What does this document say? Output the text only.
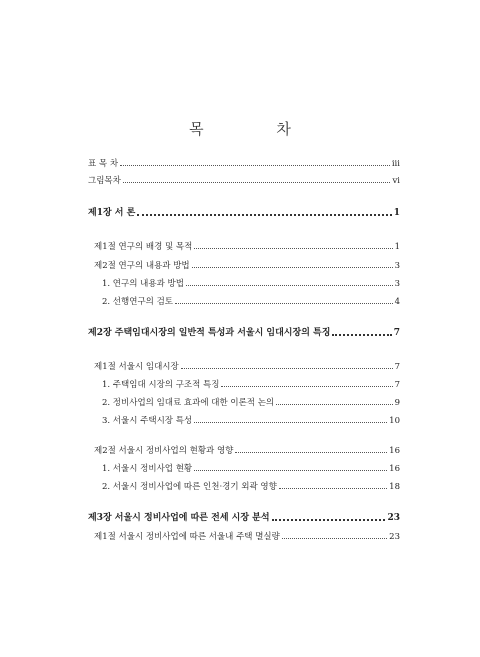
목 차
표 목 차	iii
그림목차	vi
제1장 서 론	1
제1절 연구의 배경 및 목적	1
제2절 연구의 내용과 방법	3
1. 연구의 내용과 방법	3
2. 선행연구의 검토	4
제2장 주택임대시장의 일반적 특성과 서울시 임대시장의 특징	7
제1절 서울시 임대시장	7
1. 주택임대 시장의 구조적 특징	7
2. 정비사업의 임대료 효과에 대한 이론적 논의	9
3. 서울시 주택시장 특성	10
제2절 서울시 정비사업의 현황과 영향	16
1. 서울시 정비사업 현황	16
2. 서울시 정비사업에 따른 인천·경기 외곽 영향	18
제3장 서울시 정비사업에 따른 전세 시장 분석	23
제1절 서울시 정비사업에 따른 서울내 주택 멸실량	23
